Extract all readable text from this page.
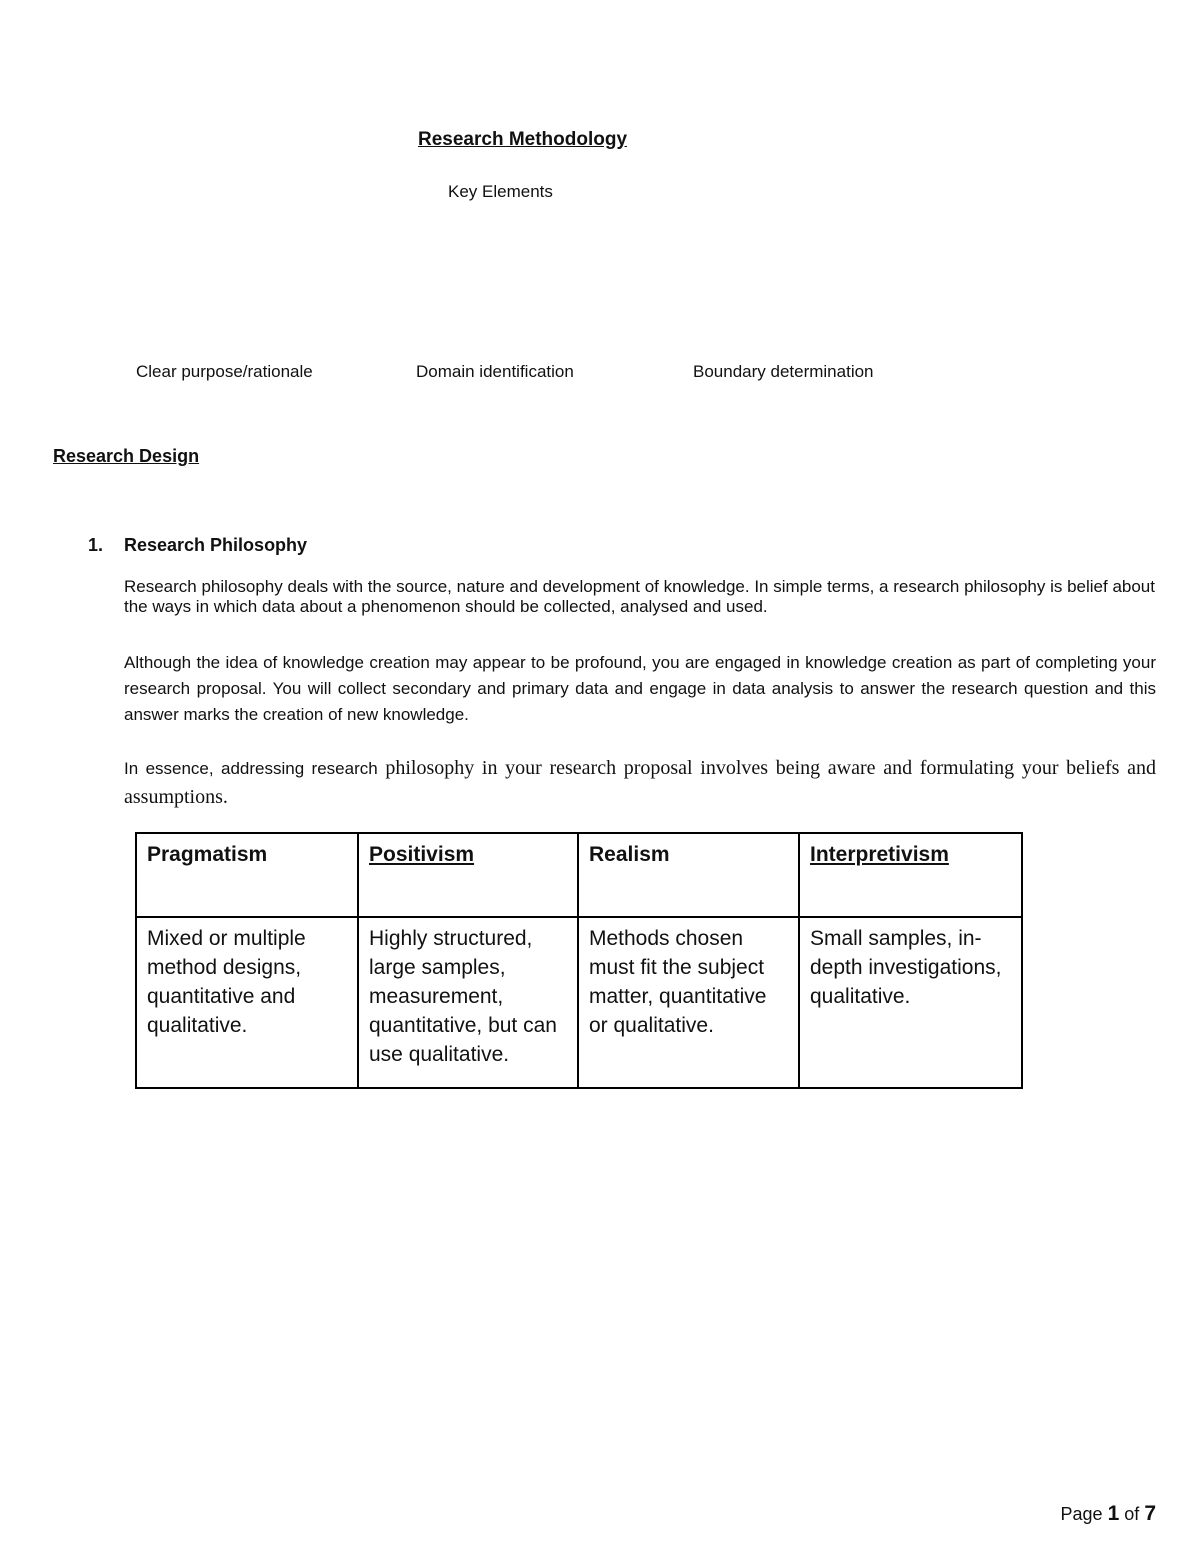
Research Methodology
Key Elements
Clear purpose/rationale	Domain identification	Boundary determination
Research Design
1. Research Philosophy
Research philosophy deals with the source, nature and development of knowledge. In simple terms, a research philosophy is belief about the ways in which data about a phenomenon should be collected, analysed and used.
Although the idea of knowledge creation may appear to be profound, you are engaged in knowledge creation as part of completing your research proposal. You will collect secondary and primary data and engage in data analysis to answer the research question and this answer marks the creation of new knowledge.
In essence, addressing research philosophy in your research proposal involves being aware and formulating your beliefs and assumptions.
Pragmatism	Positivism	Realism	Interpretivism
Mixed or multiple method designs, quantitative and qualitative.	Highly structured, large samples, measurement, quantitative, but can use qualitative.	Methods chosen must fit the subject matter, quantitative or qualitative.	Small samples, in-depth investigations, qualitative.
Page 1 of 7
